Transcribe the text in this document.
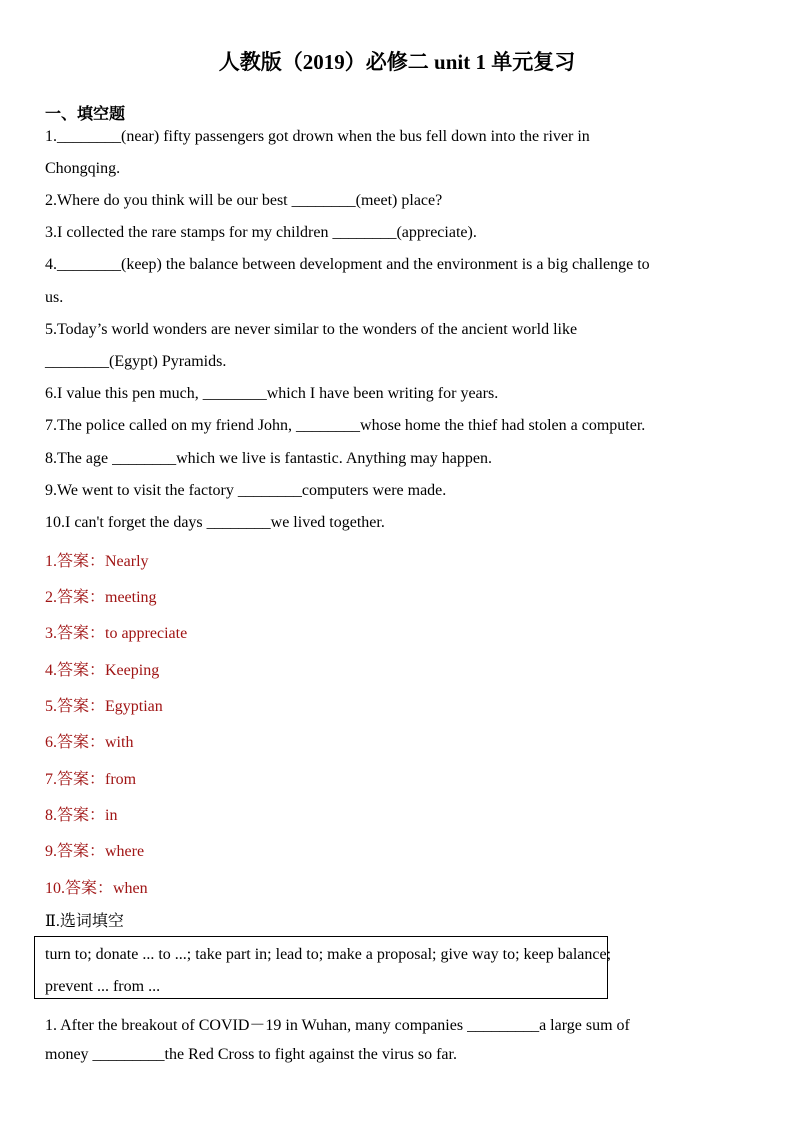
人教版（2019）必修二 unit 1 单元复习
一、填空题
1.________(near) fifty passengers got drown when the bus fell down into the river in
Chongqing.
2.Where do you think will be our best ________(meet) place?
3.I collected the rare stamps for my children ________(appreciate).
4.________(keep) the balance between development and the environment is a big challenge to
us.
5.Today’s world wonders are never similar to the wonders of the ancient world like
________(Egypt) Pyramids.
6.I value this pen much, ________which I have been writing for years.
7.The police called on my friend John, ________whose home the thief had stolen a computer.
8.The age ________which we live is fantastic. Anything may happen.
9.We went to visit the factory ________computers were made.
10.I can't forget the days ________we lived together.
1.答案：Nearly
2.答案：meeting
3.答案：to appreciate
4.答案：Keeping
5.答案：Egyptian
6.答案：with
7.答案：from
8.答案：in
9.答案：where
10.答案：when
Ⅱ.选词填空
turn to; donate ... to ...; take part in; lead to; make a proposal; give way to; keep balance;
prevent ... from ...
1. After the breakout of COVID－19 in Wuhan, many companies _________a large sum of
money _________the Red Cross to fight against the virus so far.
